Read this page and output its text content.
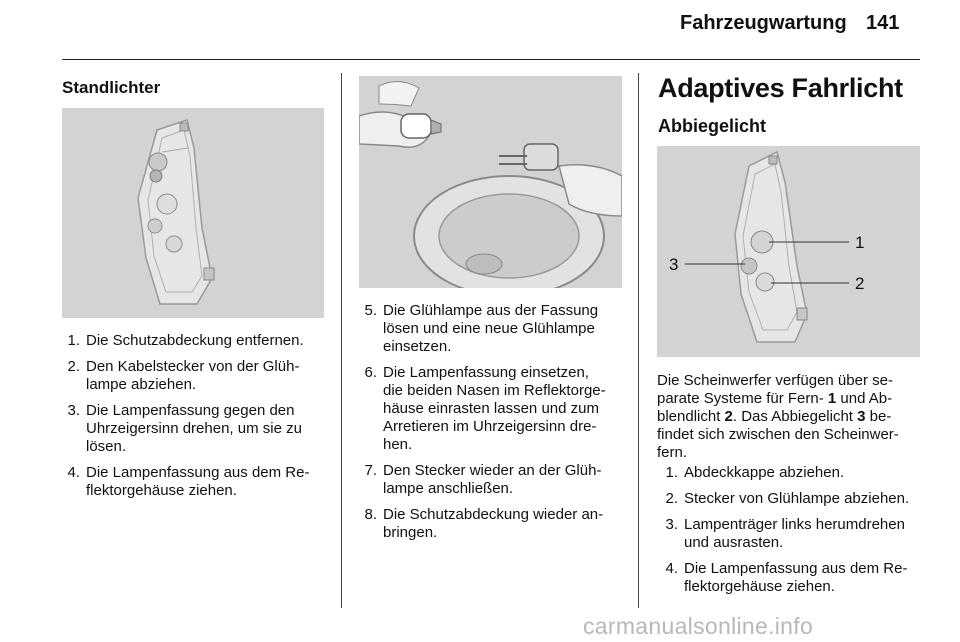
Fahrzeugwartung 141
Standlichter
1. Die Schutzabdeckung entfernen.
2. Den Kabelstecker von der Glüh-
lampe abziehen.
3. Die Lampenfassung gegen den
Uhrzeigersinn drehen, um sie zu
lösen.
4. Die Lampenfassung aus dem Re-
flektorgehäuse ziehen.
5. Die Glühlampe aus der Fassung
lösen und eine neue Glühlampe
einsetzen.
6. Die Lampenfassung einsetzen,
die beiden Nasen im Reflektorge-
häuse einrasten lassen und zum
Arretieren im Uhrzeigersinn dre-
hen.
7. Den Stecker wieder an der Glüh-
lampe anschließen.
8. Die Schutzabdeckung wieder an-
bringen.
Adaptives Fahrlicht
Abbiegelicht
1
2
3

Die Scheinwerfer verfügen über se-
parate Systeme für Fern- 1 und Ab-
blendlicht 2. Das Abbiegelicht 3 be-
findet sich zwischen den Scheinwer-
fern.

1. Abdeckkappe abziehen.
2. Stecker von Glühlampe abziehen.
3. Lampenträger links herumdrehen
und ausrasten.
4. Die Lampenfassung aus dem Re-
flektorgehäuse ziehen.
carmanualsonline.info
